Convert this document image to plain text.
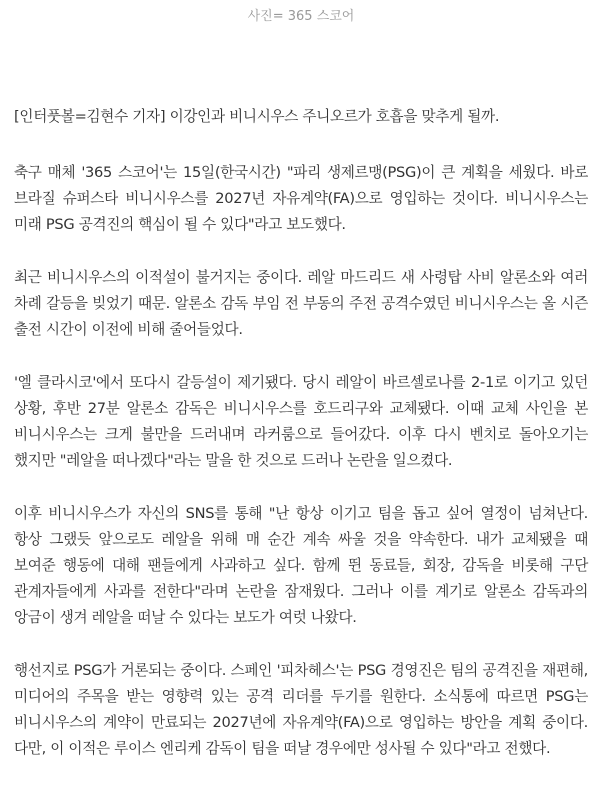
사진= 365 스코어

[인터풋볼=김현수 기자] 이강인과 비니시우스 주니오르가 호흡을 맞추게 될까.

축구 매체 '365 스코어'는 15일(한국시간) "파리 생제르맹(PSG)이 큰 계획을 세웠다. 바로 브라질 슈퍼스타 비니시우스를 2027년 자유계약(FA)으로 영입하는 것이다. 비니시우스는 미래 PSG 공격진의 핵심이 될 수 있다"라고 보도했다.

최근 비니시우스의 이적설이 불거지는 중이다. 레알 마드리드 새 사령탑 사비 알론소와 여러 차례 갈등을 빚었기 때문. 알론소 감독 부임 전 부동의 주전 공격수였던 비니시우스는 올 시즌 출전 시간이 이전에 비해 줄어들었다.

'엘 클라시코'에서 또다시 갈등설이 제기됐다. 당시 레알이 바르셀로나를 2-1로 이기고 있던 상황, 후반 27분 알론소 감독은 비니시우스를 호드리구와 교체됐다. 이때 교체 사인을 본 비니시우스는 크게 불만을 드러내며 라커룸으로 들어갔다. 이후 다시 벤치로 돌아오기는 했지만 "레알을 떠나겠다"라는 말을 한 것으로 드러나 논란을 일으켰다.

이후 비니시우스가 자신의 SNS를 통해 "난 항상 이기고 팀을 돕고 싶어 열정이 넘쳐난다. 항상 그랬듯 앞으로도 레알을 위해 매 순간 계속 싸울 것을 약속한다. 내가 교체됐을 때 보여준 행동에 대해 팬들에게 사과하고 싶다. 함께 뛴 동료들, 회장, 감독을 비롯해 구단 관계자들에게 사과를 전한다"라며 논란을 잠재웠다. 그러나 이를 계기로 알론소 감독과의 앙금이 생겨 레알을 떠날 수 있다는 보도가 여럿 나왔다.

행선지로 PSG가 거론되는 중이다. 스페인 '피차헤스'는 PSG 경영진은 팀의 공격진을 재편해, 미디어의 주목을 받는 영향력 있는 공격 리더를 두기를 원한다. 소식통에 따르면 PSG는 비니시우스의 계약이 만료되는 2027년에 자유계약(FA)으로 영입하는 방안을 계획 중이다. 다만, 이 이적은 루이스 엔리케 감독이 팀을 떠날 경우에만 성사될 수 있다"라고 전했다.
